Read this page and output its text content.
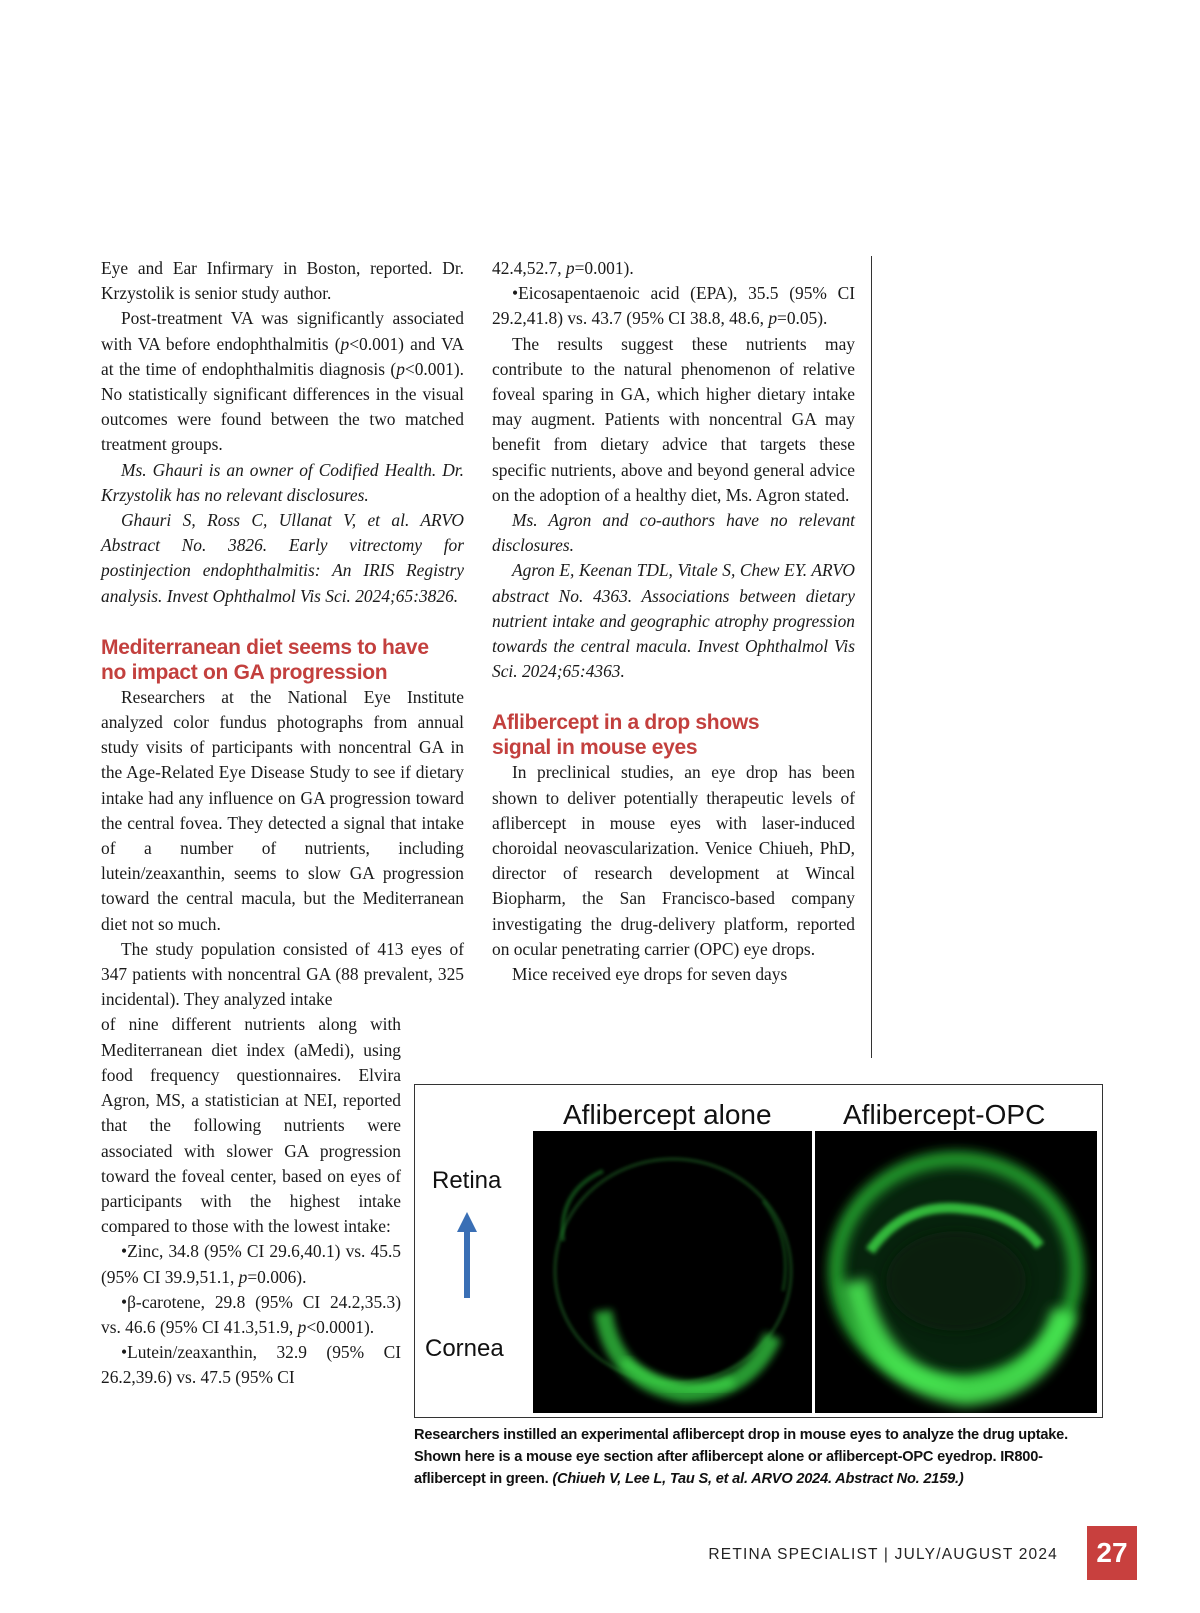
Eye and Ear Infirmary in Boston, reported. Dr. Krzystolik is senior study author.

Post-treatment VA was significantly associated with VA before endophthalmitis (p<0.001) and VA at the time of endophthalmitis diagnosis (p<0.001). No statistically significant differences in the visual outcomes were found between the two matched treatment groups.

Ms. Ghauri is an owner of Codified Health. Dr. Krzystolik has no relevant disclosures.

Ghauri S, Ross C, Ullanat V, et al. ARVO Abstract No. 3826. Early vitrectomy for postinjection endophthalmitis: An IRIS Registry analysis. Invest Ophthalmol Vis Sci. 2024;65:3826.

Mediterranean diet seems to have
no impact on GA progression

Researchers at the National Eye Institute analyzed color fundus photographs from annual study visits of participants with noncentral GA in the Age-Related Eye Disease Study to see if dietary intake had any influence on GA progression toward the central fovea. They detected a signal that intake of a number of nutrients, including lutein/zeaxanthin, seems to slow GA progression toward the central macula, but the Mediterranean diet not so much.

The study population consisted of 413 eyes of 347 patients with noncentral GA (88 prevalent, 325 incidental). They analyzed intake

of nine different nutrients along with Mediterranean diet index (aMedi), using food frequency questionnaires. Elvira Agron, MS, a statistician at NEI, reported that the following nutrients were associated with slower GA progression toward the foveal center, based on eyes of participants with the highest intake compared to those with the lowest intake:

•Zinc, 34.8 (95% CI 29.6,40.1) vs. 45.5 (95% CI 39.9,51.1, p=0.006).

•β-carotene, 29.8 (95% CI 24.2,35.3) vs. 46.6 (95% CI 41.3,51.9, p<0.0001).

•Lutein/zeaxanthin, 32.9 (95% CI 26.2,39.6) vs. 47.5 (95% CI

42.4,52.7, p=0.001).

•Eicosapentaenoic acid (EPA), 35.5 (95% CI 29.2,41.8) vs. 43.7 (95% CI 38.8, 48.6, p=0.05).

The results suggest these nutrients may contribute to the natural phenomenon of relative foveal sparing in GA, which higher dietary intake may augment. Patients with noncentral GA may benefit from dietary advice that targets these specific nutrients, above and beyond general advice on the adoption of a healthy diet, Ms. Agron stated.

Ms. Agron and co-authors have no relevant disclosures.

Agron E, Keenan TDL, Vitale S, Chew EY. ARVO abstract No. 4363. Associations between dietary nutrient intake and geographic atrophy progression towards the central macula. Invest Ophthalmol Vis Sci. 2024;65:4363.

Aflibercept in a drop shows
signal in mouse eyes

In preclinical studies, an eye drop has been shown to deliver potentially therapeutic levels of aflibercept in mouse eyes with laser-induced choroidal neovascularization. Venice Chiueh, PhD, director of research development at Wincal Biopharm, the San Francisco-based company investigating the drug-delivery platform, reported on ocular penetrating carrier (OPC) eye drops.

Mice received eye drops for seven days

Aflibercept alone	Aflibercept-OPC
Retina
Cornea
Researchers instilled an experimental aflibercept drop in mouse eyes to analyze the drug uptake. Shown here is a mouse eye section after aflibercept alone or aflibercept-OPC eyedrop. IR800-aflibercept in green. (Chiueh V, Lee L, Tau S, et al. ARVO 2024. Abstract No. 2159.)
RETINA SPECIALIST | JULY/AUGUST 2024	27
